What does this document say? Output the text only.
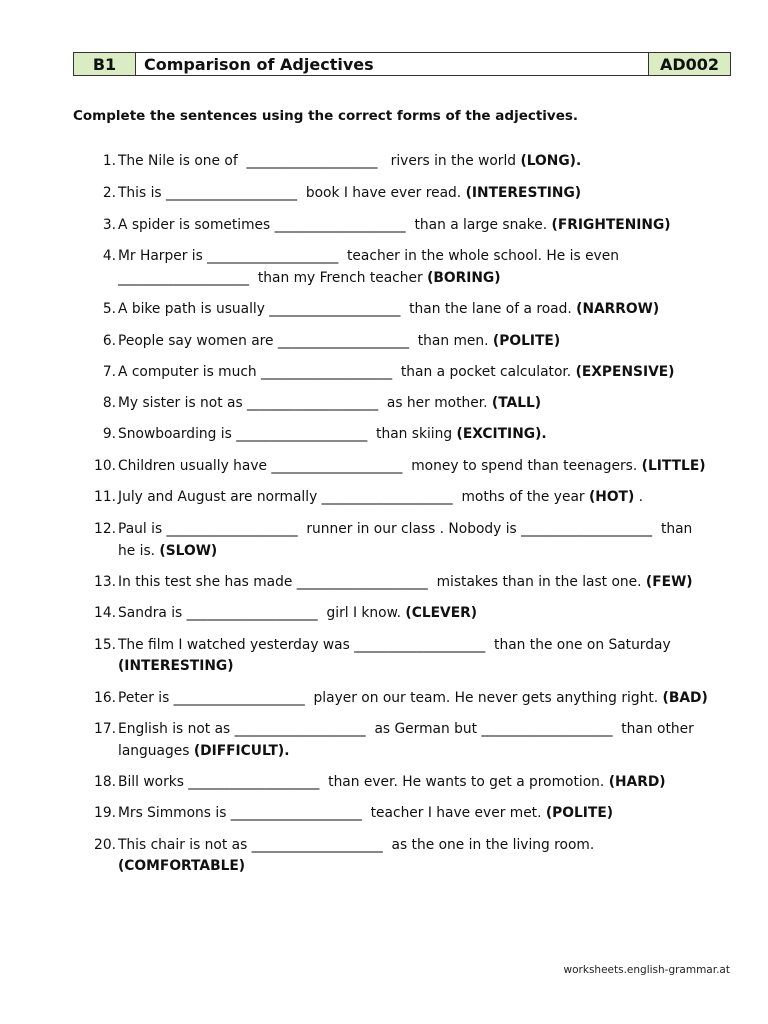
B1	Comparison of Adjectives	AD002
Complete the sentences using the correct forms of the adjectives.
1. The Nile is one of  ___________________   rivers in the world (LONG).
2. This is ___________________  book I have ever read. (INTERESTING)
3. A spider is sometimes ___________________  than a large snake. (FRIGHTENING)
4. Mr Harper is ___________________  teacher in the whole school. He is even
___________________  than my French teacher (BORING)
5. A bike path is usually ___________________  than the lane of a road. (NARROW)
6. People say women are ___________________  than men. (POLITE)
7. A computer is much ___________________  than a pocket calculator. (EXPENSIVE)
8. My sister is not as ___________________  as her mother. (TALL)
9. Snowboarding is ___________________  than skiing (EXCITING).
10. Children usually have ___________________  money to spend than teenagers. (LITTLE)
11. July and August are normally ___________________  moths of the year (HOT) .
12. Paul is ___________________  runner in our class . Nobody is ___________________  than
he is. (SLOW)
13. In this test she has made ___________________  mistakes than in the last one. (FEW)
14. Sandra is ___________________  girl I know. (CLEVER)
15. The film I watched yesterday was ___________________  than the one on Saturday
(INTERESTING)
16. Peter is ___________________  player on our team. He never gets anything right. (BAD)
17. English is not as ___________________  as German but ___________________  than other
languages (DIFFICULT).
18. Bill works ___________________  than ever. He wants to get a promotion. (HARD)
19. Mrs Simmons is ___________________  teacher I have ever met. (POLITE)
20. This chair is not as ___________________  as the one in the living room.
(COMFORTABLE)
worksheets.english-grammar.at
